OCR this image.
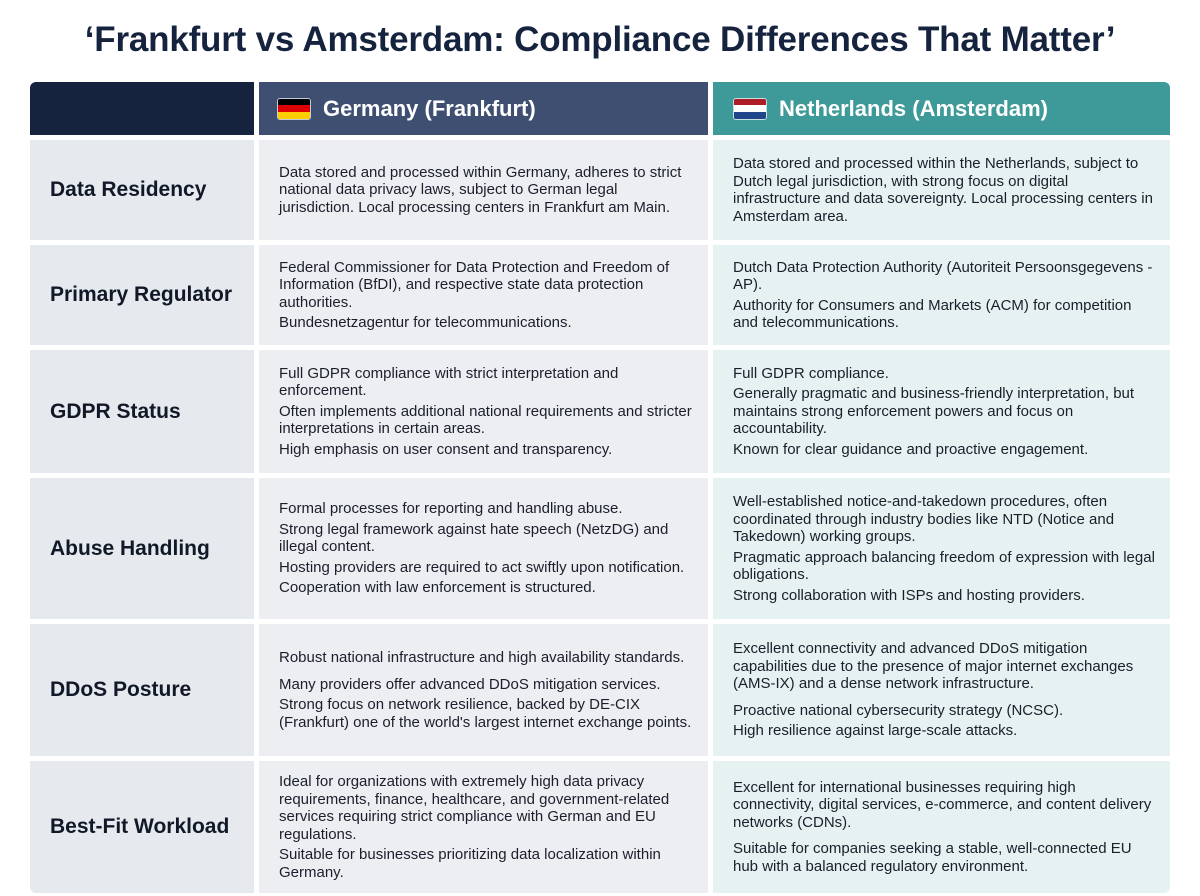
‘Frankfurt vs Amsterdam: Compliance Differences That Matter’
Germany (Frankfurt)	Netherlands (Amsterdam)
Data Residency

Data stored and processed within Germany, adheres to strict national data privacy laws, subject to German legal jurisdiction. Local processing centers in Frankfurt am Main.

Data stored and processed within the Netherlands, subject to Dutch legal jurisdiction, with strong focus on digital infrastructure and data sovereignty. Local processing centers in Amsterdam area.

Primary Regulator

Federal Commissioner for Data Protection and Freedom of Information (BfDI), and respective state data protection authorities.

Bundesnetzagentur for telecommunications.

Dutch Data Protection Authority (Autoriteit Persoonsgegevens - AP).

Authority for Consumers and Markets (ACM) for competition and telecommunications.

GDPR Status

Full GDPR compliance with strict interpretation and enforcement.

Often implements additional national requirements and stricter interpretations in certain areas.

High emphasis on user consent and transparency.

Full GDPR compliance.

Generally pragmatic and business-friendly interpretation, but maintains strong enforcement powers and focus on accountability.

Known for clear guidance and proactive engagement.

Abuse Handling

Formal processes for reporting and handling abuse.

Strong legal framework against hate speech (NetzDG) and illegal content.

Hosting providers are required to act swiftly upon notification.

Cooperation with law enforcement is structured.

Well-established notice-and-takedown procedures, often coordinated through industry bodies like NTD (Notice and Takedown) working groups.

Pragmatic approach balancing freedom of expression with legal obligations.

Strong collaboration with ISPs and hosting providers.

DDoS Posture

Robust national infrastructure and high availability standards.

Many providers offer advanced DDoS mitigation services.

Strong focus on network resilience, backed by DE-CIX (Frankfurt) one of the world's largest internet exchange points.

Excellent connectivity and advanced DDoS mitigation capabilities due to the presence of major internet exchanges (AMS-IX) and a dense network infrastructure.

Proactive national cybersecurity strategy (NCSC).

High resilience against large-scale attacks.

Best-Fit Workload

Ideal for organizations with extremely high data privacy requirements, finance, healthcare, and government-related services requiring strict compliance with German and EU regulations.

Suitable for businesses prioritizing data localization within Germany.

Excellent for international businesses requiring high connectivity, digital services, e-commerce, and content delivery networks (CDNs).

Suitable for companies seeking a stable, well-connected EU hub with a balanced regulatory environment.
